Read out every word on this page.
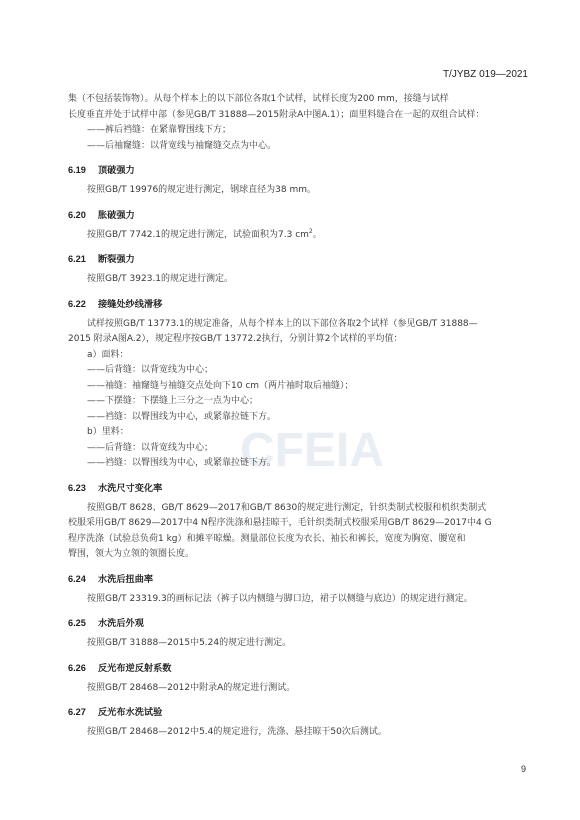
T/JYBZ 019—2021
CFEIA
集（不包括装饰物）。从每个样本上的以下部位各取1个试样，试样长度为200 mm，接缝与试样
长度垂直并处于试样中部（参见GB/T 31888—2015附录A中图A.1）；面里料缝合在一起的双组合试样：
——裤后裆缝：在紧靠臀围线下方；
——后袖窿缝：以背宽线与袖窿缝交点为中心。
6.19 顶破强力
按照GB/T 19976的规定进行测定，钢球直径为38 mm。
6.20 胀破强力
按照GB/T 7742.1的规定进行测定，试验面积为7.3 $cm^2$。
6.21 断裂强力
按照GB/T 3923.1的规定进行测定。
6.22 接缝处纱线滑移
试样按照GB/T 13773.1的规定准备，从每个样本上的以下部位各取2个试样（参见GB/T 31888—
2015 附录A图A.2），规定程序按GB/T 13772.2执行，分别计算2个试样的平均值：
a）面料：
——后背缝：以背宽线为中心；
——袖缝：袖窿缝与袖缝交点处向下10 cm（两片袖时取后袖缝）；
——下摆缝：下摆缝上三分之一点为中心；
——裆缝：以臀围线为中心，或紧靠拉链下方。
b）里料：
——后背缝：以背宽线为中心；
——裆缝：以臀围线为中心，或紧靠拉链下方。
6.23 水洗尺寸变化率
按照GB/T 8628、GB/T 8629—2017和GB/T 8630的规定进行测定，针织类制式校服和机织类制式
校服采用GB/T 8629—2017中4 N程序洗涤和悬挂晾干，毛针织类制式校服采用GB/T 8629—2017中4 G
程序洗涤（试验总负荷1 kg）和摊平晾燥。测量部位长度为衣长、袖长和裤长，宽度为胸宽、腰宽和
臀围，领大为立领的领圈长度。
6.24 水洗后扭曲率
按照GB/T 23319.3的画标记法（裤子以内侧缝与脚口边，裙子以侧缝与底边）的规定进行测定。
6.25 水洗后外观
按照GB/T 31888—2015中5.24的规定进行测定。
6.26 反光布逆反射系数
按照GB/T 28468—2012中附录A的规定进行测试。
6.27 反光布水洗试验
按照GB/T 28468—2012中5.4的规定进行，洗涤、悬挂晾干50次后测试。
9
